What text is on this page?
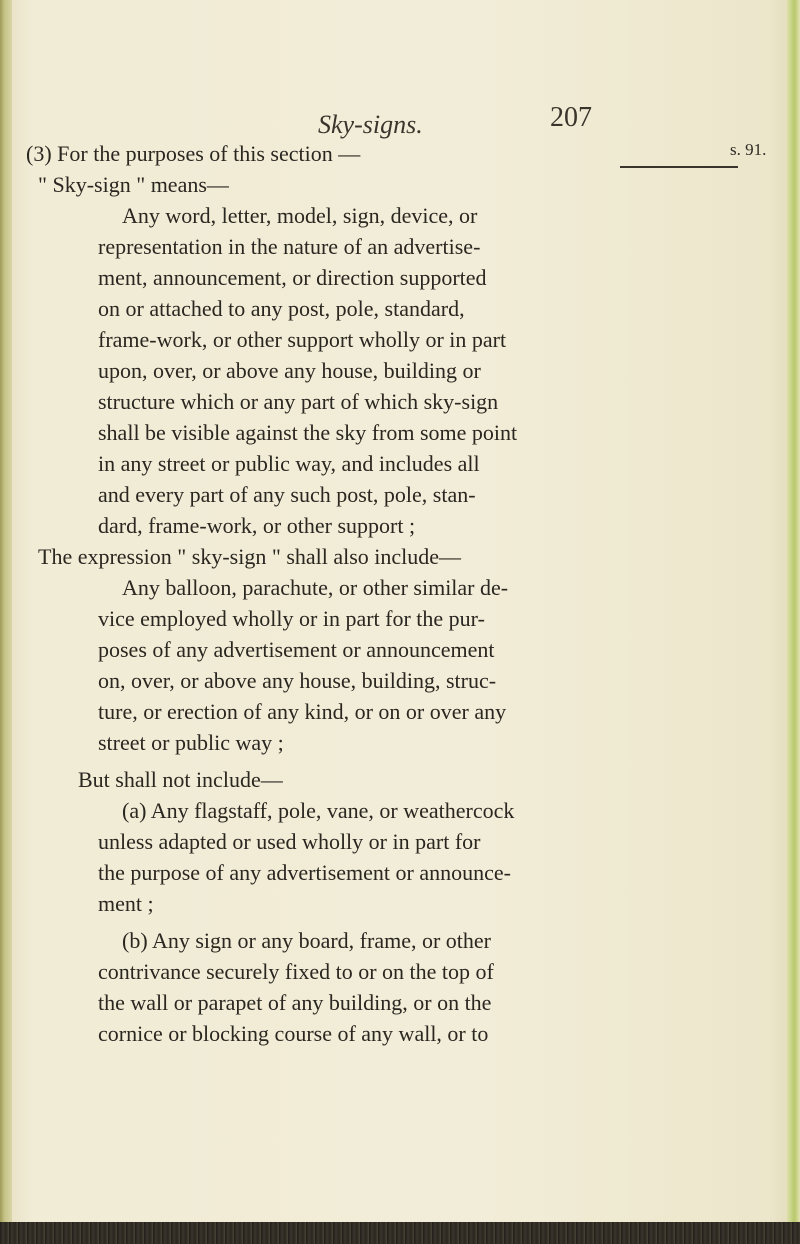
Sky-signs.	207
s. 91.
(3) For the purposes of this section —
" Sky-sign " means—
Any word, letter, model, sign, device, or
representation in the nature of an advertise-
ment, announcement, or direction supported
on or attached to any post, pole, standard,
frame-work, or other support wholly or in part
upon, over, or above any house, building or
structure which or any part of which sky-sign
shall be visible against the sky from some point
in any street or public way, and includes all
and every part of any such post, pole, stan-
dard, frame-work, or other support ;
The expression " sky-sign " shall also include—
Any balloon, parachute, or other similar de-
vice employed wholly or in part for the pur-
poses of any advertisement or announcement
on, over, or above any house, building, struc-
ture, or erection of any kind, or on or over any
street or public way ;
But shall not include—
(a) Any flagstaff, pole, vane, or weathercock
unless adapted or used wholly or in part for
the purpose of any advertisement or announce-
ment ;
(b) Any sign or any board, frame, or other
contrivance securely fixed to or on the top of
the wall or parapet of any building, or on the
cornice or blocking course of any wall, or to
